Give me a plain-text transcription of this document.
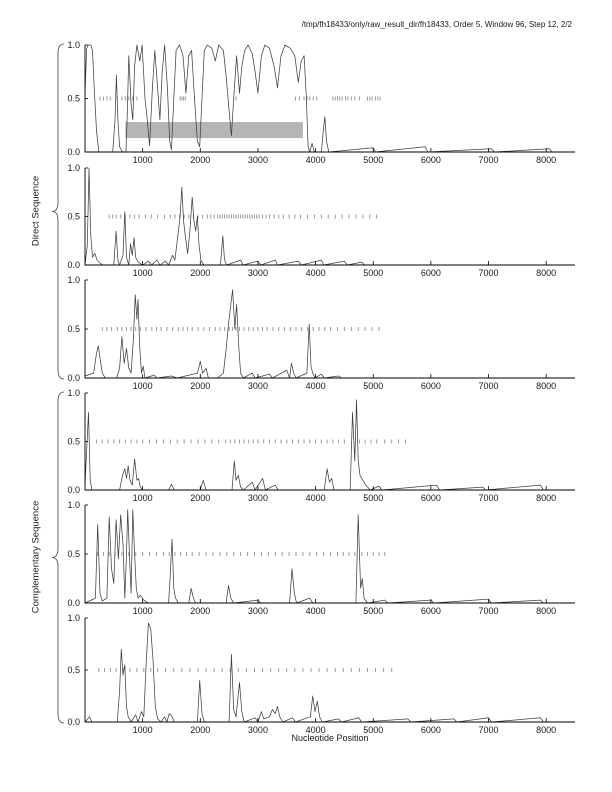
/tmp/fh18433/only/raw_result_dir/fh18433, Order 5, Window 96, Step 12, 2/2
1000	2000	3000	4000	5000	6000	7000	8000
0.0
0.5
1.0
1000	2000	3000	4000	5000	6000	7000	8000
0.0
0.5
1.0
1000	2000	3000	4000	5000	6000	7000	8000
0.0
0.5
1.0
1000	2000	3000	4000	5000	6000	7000	8000
0.0
0.5
1.0
1000	2000	3000	4000	5000	6000	7000	8000
0.0
0.5
1.0
1000	2000	3000	4000	5000	6000	7000	8000
0.0
0.5
1.0
Direct Sequence
Complementary Sequence
Nucleotide Position
